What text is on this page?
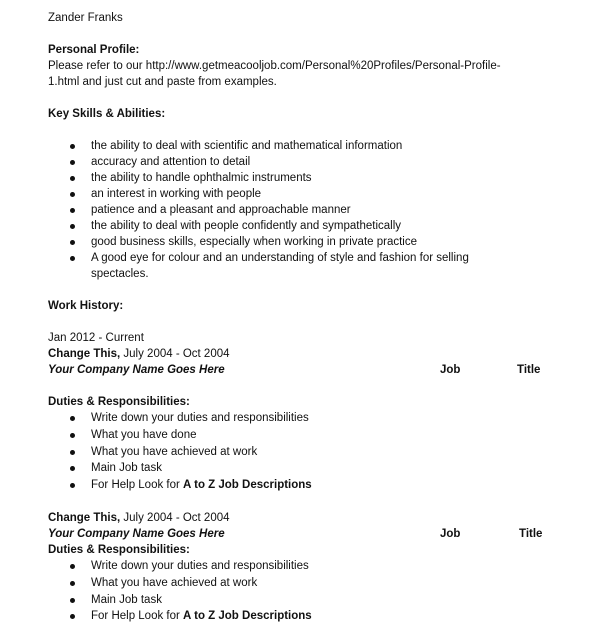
Zander Franks
Personal Profile:
Please refer to our http://www.getmeacooljob.com/Personal%20Profiles/Personal-Profile-
1.html and just cut and paste from examples.
Key Skills & Abilities:
the ability to deal with scientific and mathematical information
accuracy and attention to detail
the ability to handle ophthalmic instruments
an interest in working with people
patience and a pleasant and approachable manner
the ability to deal with people confidently and sympathetically
good business skills, especially when working in private practice
A good eye for colour and an understanding of style and fashion for selling spectacles.
Work History:
Jan 2012 - Current
Change This, July 2004 - Oct 2004
Your Company Name Goes Here	Job	Title
Duties & Responsibilities:
Write down your duties and responsibilities
What you have done
What you have achieved at work
Main Job task
For Help Look for A to Z Job Descriptions
Change This, July 2004 - Oct 2004
Your Company Name Goes Here	Job	Title
Duties & Responsibilities:
Write down your duties and responsibilities
What you have achieved at work
Main Job task
For Help Look for A to Z Job Descriptions
